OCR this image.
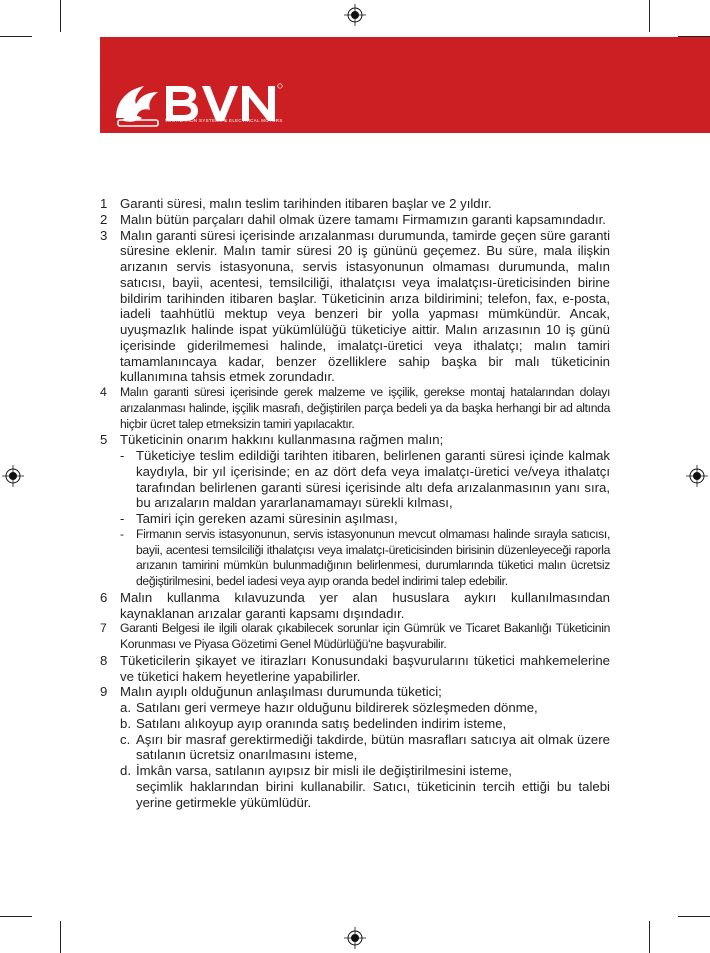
VENTILATION SYSTEMS & ELECTRICAL MOTORS
1 Garanti süresi, malın teslim tarihinden itibaren başlar ve 2 yıldır.
2 Malın bütün parçaları dahil olmak üzere tamamı Firmamızın garanti kapsamındadır.
3 Malın garanti süresi içerisinde arızalanması durumunda, tamirde geçen süre garanti süresine eklenir. Malın tamir süresi 20 iş gününü geçemez. Bu süre, mala ilişkin arızanın servis istasyonuna, servis istasyonunun olmaması durumunda, malın satıcısı, bayii, acentesi, temsilciliği, ithalatçısı veya imalatçısı-üreticisinden birine bildirim tarihinden itibaren başlar. Tüketicinin arıza bildirimini; telefon, fax, e-posta, iadeli taahhütlü mektup veya benzeri bir yolla yapması mümkündür. Ancak, uyuşmazlık halinde ispat yükümlülüğü tüketiciye aittir. Malın arızasının 10 iş günü içerisinde giderilmemesi halinde, imalatçı-üretici veya ithalatçı; malın tamiri tamamlanıncaya kadar, benzer özelliklere sahip başka bir malı tüketicinin kullanımına tahsis etmek zorundadır.
4	Malın garanti süresi içerisinde gerek malzeme ve işçilik, gerekse montaj hatalarından dolayı arızalanması halinde, işçilik masrafı, değiştirilen parça bedeli ya da başka herhangi bir ad altında hiçbir ücret talep etmeksizin tamiri yapılacaktır.
5 Tüketicinin onarım hakkını kullanmasına rağmen malın;
- Tüketiciye teslim edildiği tarihten itibaren, belirlenen garanti süresi içinde kalmak kaydıyla, bir yıl içerisinde; en az dört defa veya imalatçı-üretici ve/veya ithalatçı tarafından belirlenen garanti süresi içerisinde altı defa arızalanmasının yanı sıra, bu arızaların maldan yararlanamamayı sürekli kılması,
- Tamiri için gereken azami süresinin aşılması,
- Firmanın servis istasyonunun, servis istasyonunun mevcut olmaması halinde sırayla satıcısı, bayii, acentesi temsilciliği ithalatçısı veya imalatçı-üreticisinden birisinin düzenleyeceği raporla arızanın tamirini mümkün bulunmadığının belirlenmesi, durumlarında tüketici malın ücretsiz değiştirilmesini, bedel iadesi veya ayıp oranda bedel indirimi talep edebilir.
6 Malın kullanma kılavuzunda yer alan hususlara aykırı kullanılmasından kaynaklanan arızalar garanti kapsamı dışındadır.
7	Garanti Belgesi ile ilgili olarak çıkabilecek sorunlar için Gümrük ve Ticaret Bakanlığı Tüketicinin Korunması ve Piyasa Gözetimi Genel Müdürlüğü'ne başvurabilir.
8 Tüketicilerin şikayet ve itirazları Konusundaki başvurularını tüketici mahkemelerine ve tüketici hakem heyetlerine yapabilirler.
9 Malın ayıplı olduğunun anlaşılması durumunda tüketici;
a. Satılanı geri vermeye hazır olduğunu bildirerek sözleşmeden dönme,
b. Satılanı alıkoyup ayıp oranında satış bedelinden indirim isteme,
c. Aşırı bir masraf gerektirmediği takdirde, bütün masrafları satıcıya ait olmak üzere satılanın ücretsiz onarılmasını isteme,
d. İmkân varsa, satılanın ayıpsız bir misli ile değiştirilmesini isteme,
seçimlik haklarından birini kullanabilir. Satıcı, tüketicinin tercih ettiği bu talebi yerine getirmekle yükümlüdür.
